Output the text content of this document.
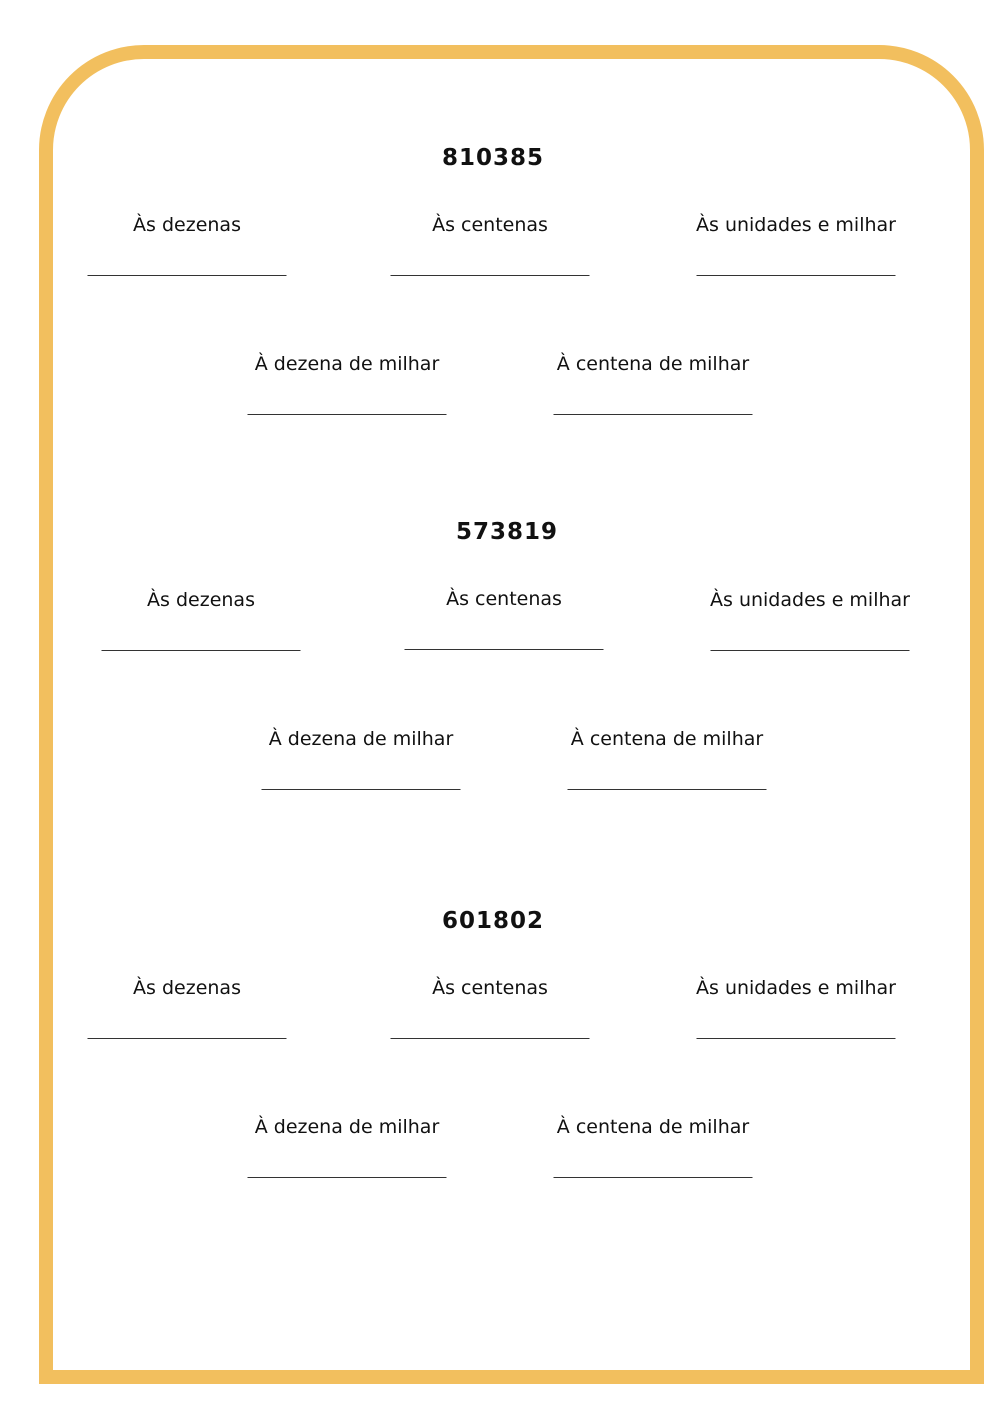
810385
Às dezenas	Às centenas	Às unidades e milhar
À dezena de milhar	À centena de milhar
573819
Às dezenas	Às centenas	Às unidades e milhar
À dezena de milhar	À centena de milhar
601802
Às dezenas	Às centenas	Às unidades e milhar
À dezena de milhar	À centena de milhar
